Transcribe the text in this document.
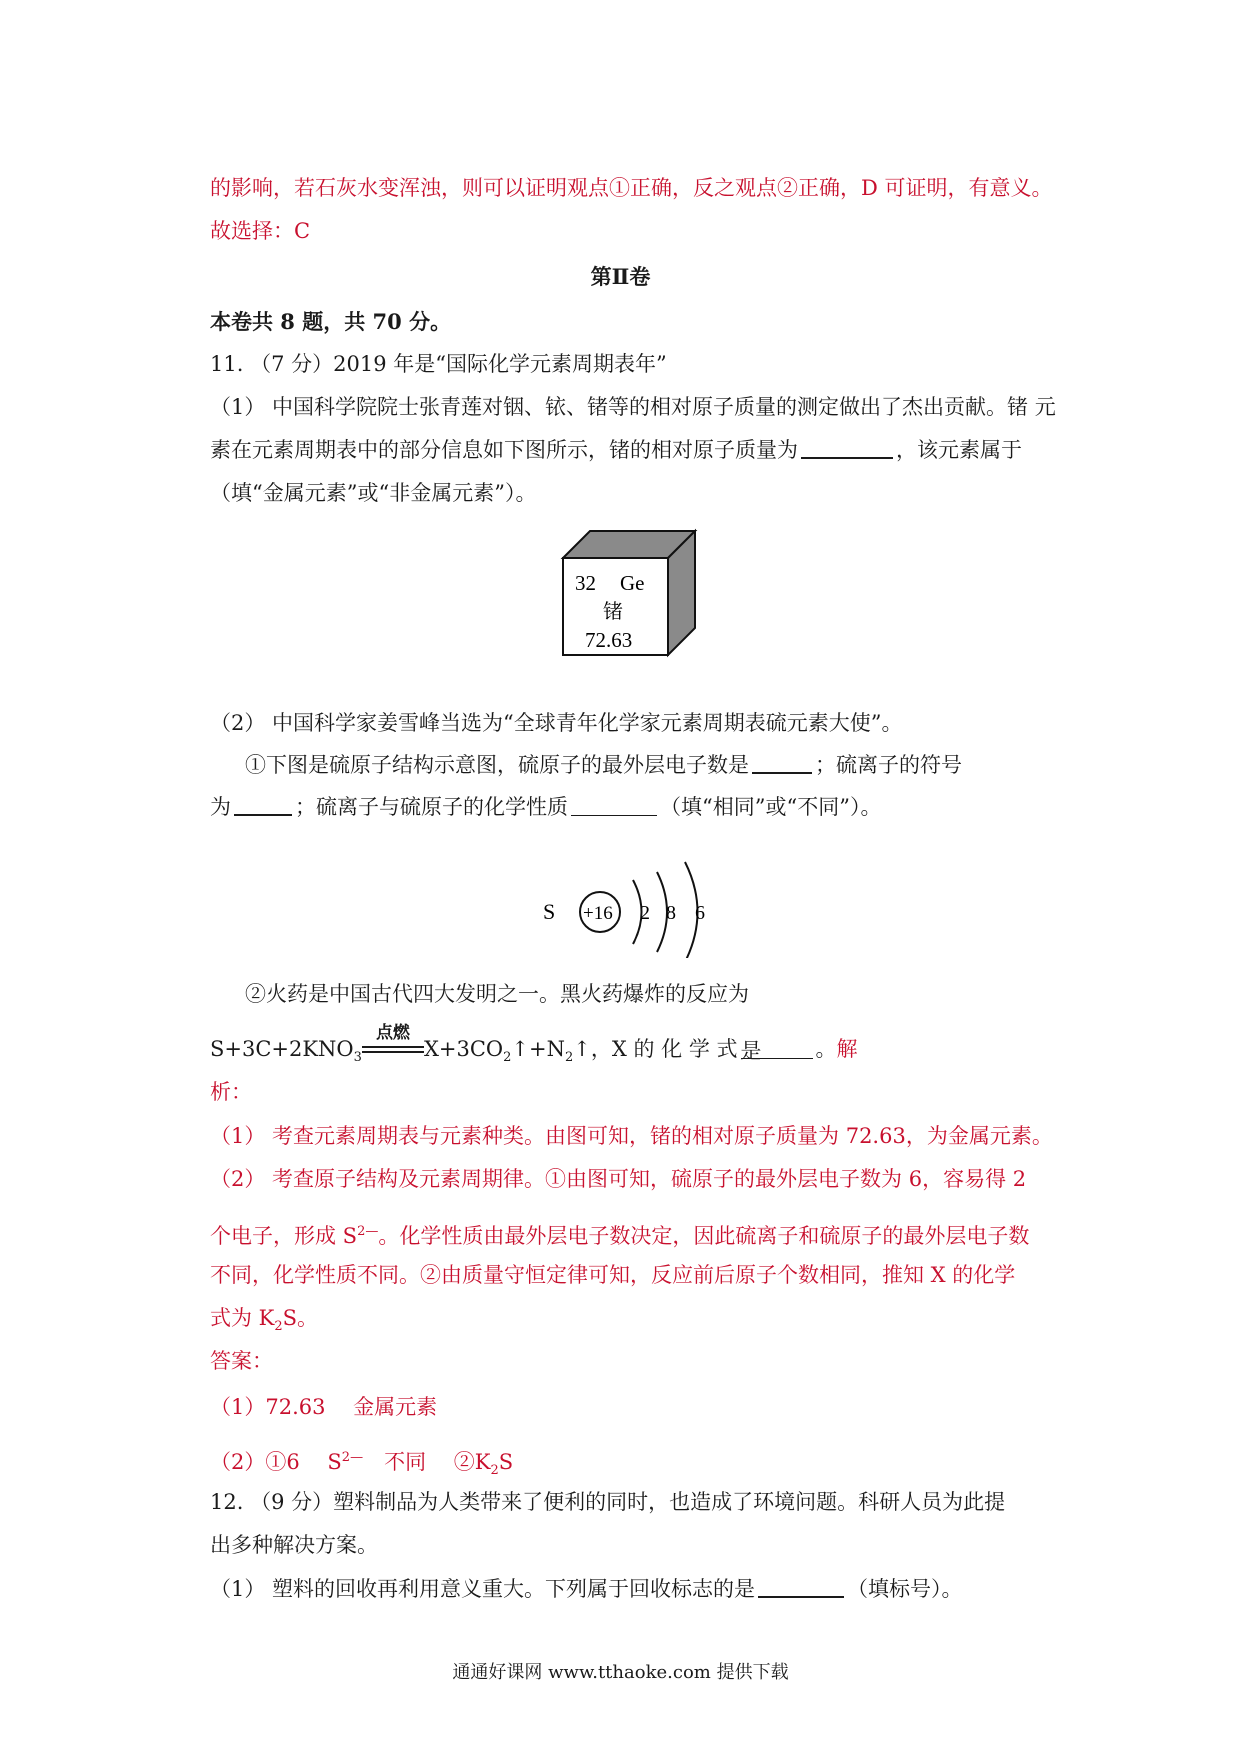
的影响，若石灰水变浑浊，则可以证明观点①正确，反之观点②正确，D 可证明，有意义。
故选择：C
第Ⅱ卷
本卷共 8 题，共 70 分。
11. （7 分）2019 年是“国际化学元素周期表年”
（1） 中国科学院院士张青莲对铟、铱、锗等的相对原子质量的测定做出了杰出贡献。锗 元
素在元素周期表中的部分信息如下图所示，锗的相对原子质量为	，该元素属于
（填“金属元素”或“非金属元素”）。
32 Ge
锗
72.63
（2） 中国科学家姜雪峰当选为“全球青年化学家元素周期表硫元素大使”。
①下图是硫原子结构示意图，硫原子的最外层电子数是	；硫离子的符号
为	；硫离子与硫原子的化学性质	（填“相同”或“不同”）。
S +16 2 8 6
②火药是中国古代四大发明之一。黑火药爆炸的反应为
$S+3C+2KNO_3$
点燃
$X+3CO_2↑+N_2↑$，X 的 化 学 式 是	。解
析：
（1） 考查元素周期表与元素种类。由图可知，锗的相对原子质量为 72.63，为金属元素。
（2） 考查原子结构及元素周期律。①由图可知，硫原子的最外层电子数为 6，容易得 2
个电子，形成 $S^{2—}$。化学性质由最外层电子数决定，因此硫离子和硫原子的最外层电子数
不同，化学性质不同。②由质量守恒定律可知，反应前后原子个数相同，推知 X 的化学
式为 $K_2S$。
答案：
（1）72.63　 金属元素
（2）①6　 $S^{2—}$　不同　 $②K_2S$
12. （9 分）塑料制品为人类带来了便利的同时，也造成了环境问题。科研人员为此提
出多种解决方案。
（1） 塑料的回收再利用意义重大。下列属于回收标志的是	（填标号）。
通通好课网 www.tthaoke.com 提供下载
